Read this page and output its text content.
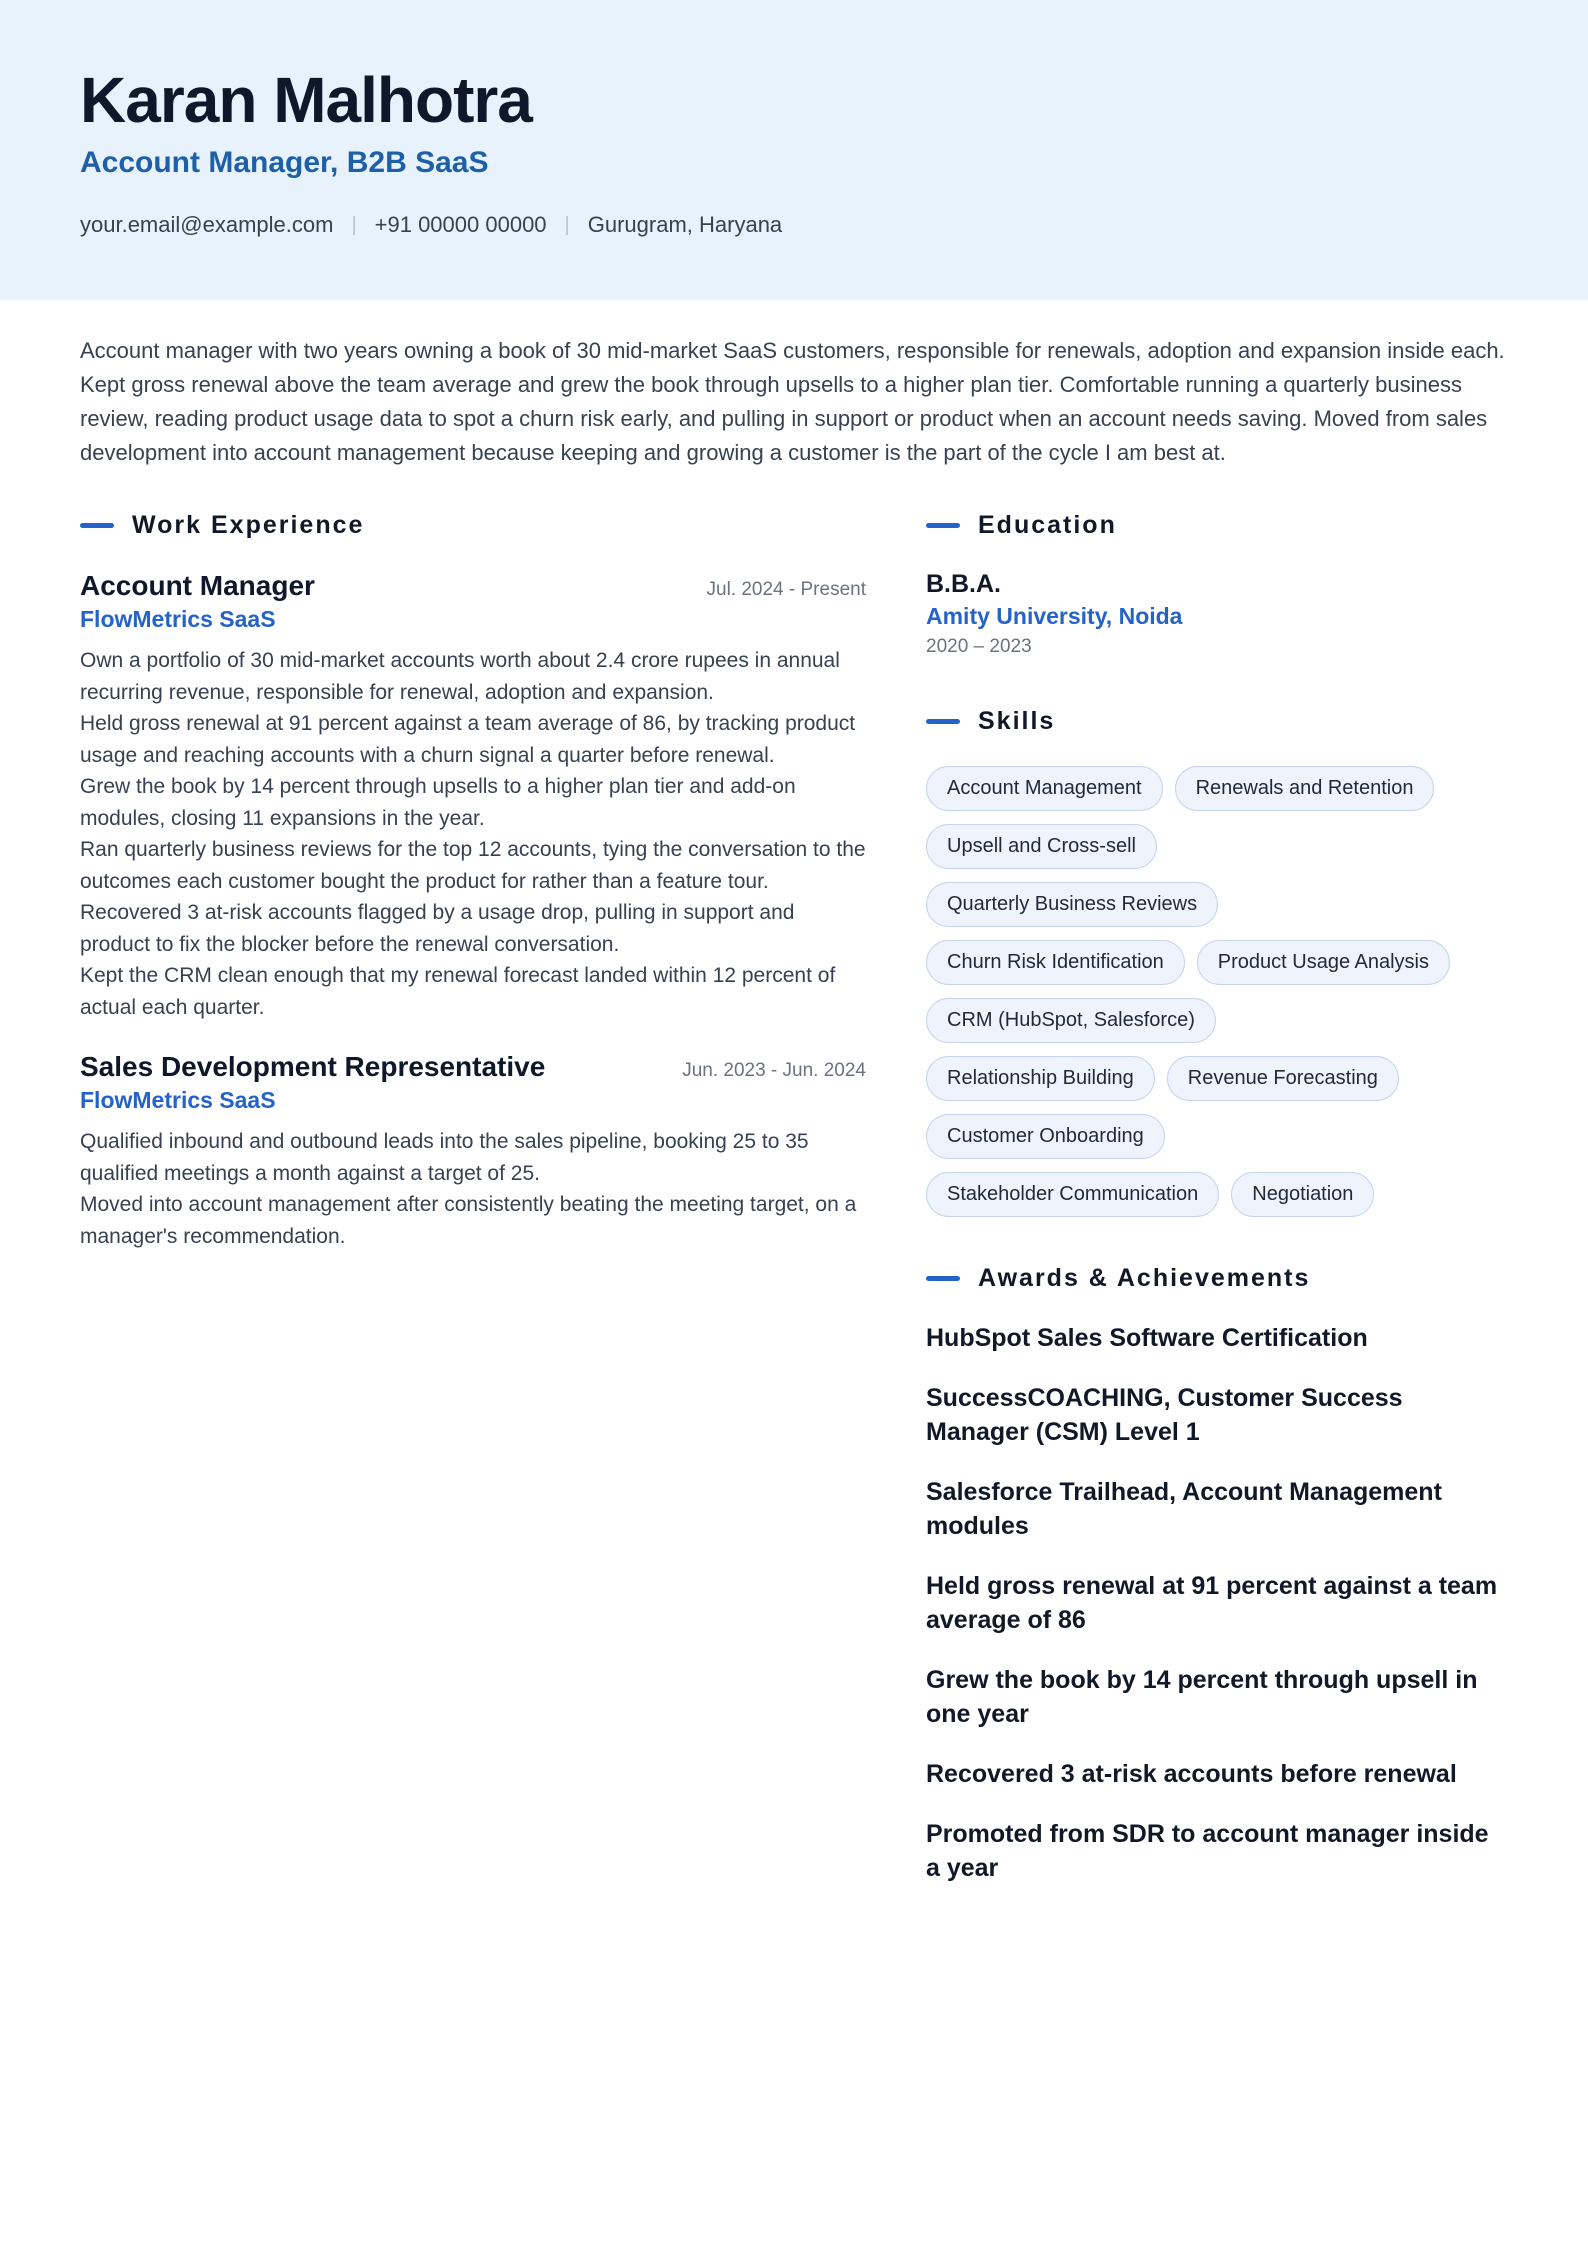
Karan Malhotra
Account Manager, B2B SaaS
your.email@example.com | +91 00000 00000 | Gurugram, Haryana
Account manager with two years owning a book of 30 mid-market SaaS customers, responsible for renewals, adoption and expansion inside each. Kept gross renewal above the team average and grew the book through upsells to a higher plan tier. Comfortable running a quarterly business review, reading product usage data to spot a churn risk early, and pulling in support or product when an account needs saving. Moved from sales development into account management because keeping and growing a customer is the part of the cycle I am best at.
Work Experience
Account Manager	Jul. 2024 - Present
FlowMetrics SaaS

Own a portfolio of 30 mid-market accounts worth about 2.4 crore rupees in annual recurring revenue, responsible for renewal, adoption and expansion.

Held gross renewal at 91 percent against a team average of 86, by tracking product usage and reaching accounts with a churn signal a quarter before renewal.

Grew the book by 14 percent through upsells to a higher plan tier and add-on modules, closing 11 expansions in the year.

Ran quarterly business reviews for the top 12 accounts, tying the conversation to the outcomes each customer bought the product for rather than a feature tour.

Recovered 3 at-risk accounts flagged by a usage drop, pulling in support and product to fix the blocker before the renewal conversation.

Kept the CRM clean enough that my renewal forecast landed within 12 percent of actual each quarter.

Sales Development Representative	Jun. 2023 - Jun. 2024
FlowMetrics SaaS

Qualified inbound and outbound leads into the sales pipeline, booking 25 to 35 qualified meetings a month against a target of 25.

Moved into account management after consistently beating the meeting target, on a manager's recommendation.

Education
B.B.A.
Amity University, Noida
2020 – 2023
Skills
Account Management	Renewals and Retention
Upsell and Cross-sell
Quarterly Business Reviews
Churn Risk Identification	Product Usage Analysis
CRM (HubSpot, Salesforce)
Relationship Building	Revenue Forecasting
Customer Onboarding
Stakeholder Communication	Negotiation
Awards & Achievements
HubSpot Sales Software Certification
SuccessCOACHING, Customer Success Manager (CSM) Level 1
Salesforce Trailhead, Account Management modules
Held gross renewal at 91 percent against a team average of 86
Grew the book by 14 percent through upsell in one year
Recovered 3 at-risk accounts before renewal
Promoted from SDR to account manager inside a year
